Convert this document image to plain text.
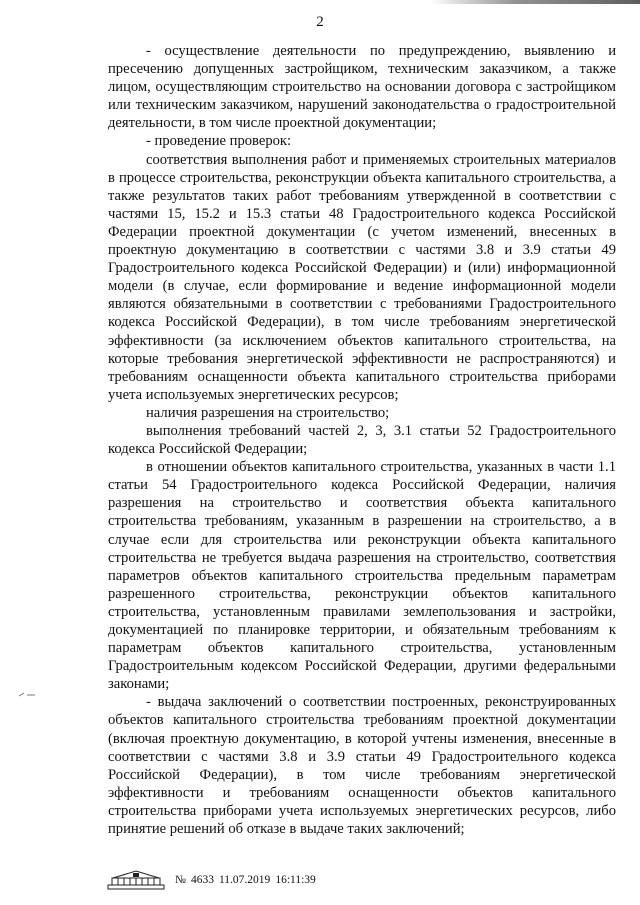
2

- осуществление деятельности по предупреждению, выявлению и пресечению допущенных застройщиком, техническим заказчиком, а также лицом, осуществляющим строительство на основании договора с застройщиком или техническим заказчиком, нарушений законодательства о градостроительной деятельности, в том числе проектной документации;

- проведение проверок:

соответствия выполнения работ и применяемых строительных материалов в процессе строительства, реконструкции объекта капитального строительства, а также результатов таких работ требованиям утвержденной в соответствии с частями 15, 15.2 и 15.3 статьи 48 Градостроительного кодекса Российской Федерации проектной документации (с учетом изменений, внесенных в проектную документацию в соответствии с частями 3.8 и 3.9 статьи 49 Градостроительного кодекса Российской Федерации) и (или) информационной модели (в случае, если формирование и ведение информационной модели являются обязательными в соответствии с требованиями Градостроительного кодекса Российской Федерации), в том числе требованиям энергетической эффективности (за исключением объектов капитального строительства, на которые требования энергетической эффективности не распространяются) и требованиям оснащенности объекта капитального строительства приборами учета используемых энергетических ресурсов;

наличия разрешения на строительство;

выполнения требований частей 2, 3, 3.1 статьи 52 Градостроительного кодекса Российской Федерации;

в отношении объектов капитального строительства, указанных в части 1.1 статьи 54 Градостроительного кодекса Российской Федерации, наличия разрешения на строительство и соответствия объекта капитального строительства требованиям, указанным в разрешении на строительство, а в случае если для строительства или реконструкции объекта капитального строительства не требуется выдача разрешения на строительство, соответствия параметров объектов капитального строительства предельным параметрам разрешенного строительства, реконструкции объектов капитального строительства, установленным правилами землепользования и застройки, документацией по планировке территории, и обязательным требованиям к параметрам объектов капитального строительства, установленным Градостроительным кодексом Российской Федерации, другими федеральными законами;

- выдача заключений о соответствии построенных, реконструированных объектов капитального строительства требованиям проектной документации (включая проектную документацию, в которой учтены изменения, внесенные в соответствии с частями 3.8 и 3.9 статьи 49 Градостроительного кодекса Российской Федерации), в том числе требованиям энергетической эффективности и требованиям оснащенности объектов капитального строительства приборами учета используемых энергетических ресурсов, либо принятие решений об отказе в выдаче таких заключений;

№ 4633 11.07.2019 16:11:39
